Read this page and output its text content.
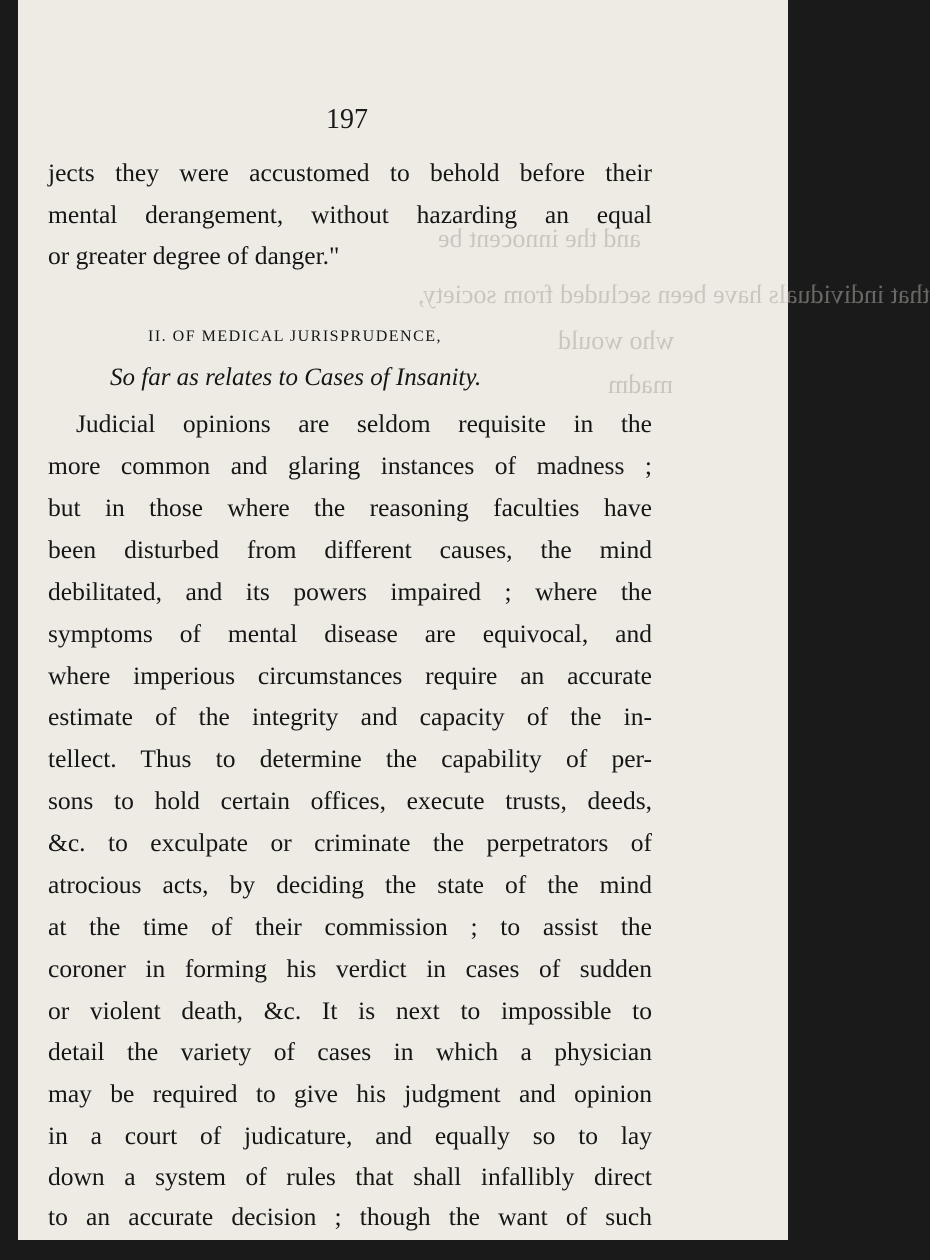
and the innocent be
that individuals have been secluded from society,
who would
madm
197
jects they were accustomed to behold before their
mental derangement, without hazarding an equal
or greater degree of danger."
II. OF MEDICAL JURISPRUDENCE,
So far as relates to Cases of Insanity.
Judicial opinions are seldom requisite in the
more common and glaring instances of madness ;
but in those where the reasoning faculties have
been disturbed from different causes, the mind
debilitated, and its powers impaired ; where the
symptoms of mental disease are equivocal, and
where imperious circumstances require an accurate
estimate of the integrity and capacity of the in-
tellect. Thus to determine the capability of per-
sons to hold certain offices, execute trusts, deeds,
&c. to exculpate or criminate the perpetrators of
atrocious acts, by deciding the state of the mind
at the time of their commission ; to assist the
coroner in forming his verdict in cases of sudden
or violent death, &c. It is next to impossible to
detail the variety of cases in which a physician
may be required to give his judgment and opinion
in a court of judicature, and equally so to lay
down a system of rules that shall infallibly direct
to an accurate decision ; though the want of such
